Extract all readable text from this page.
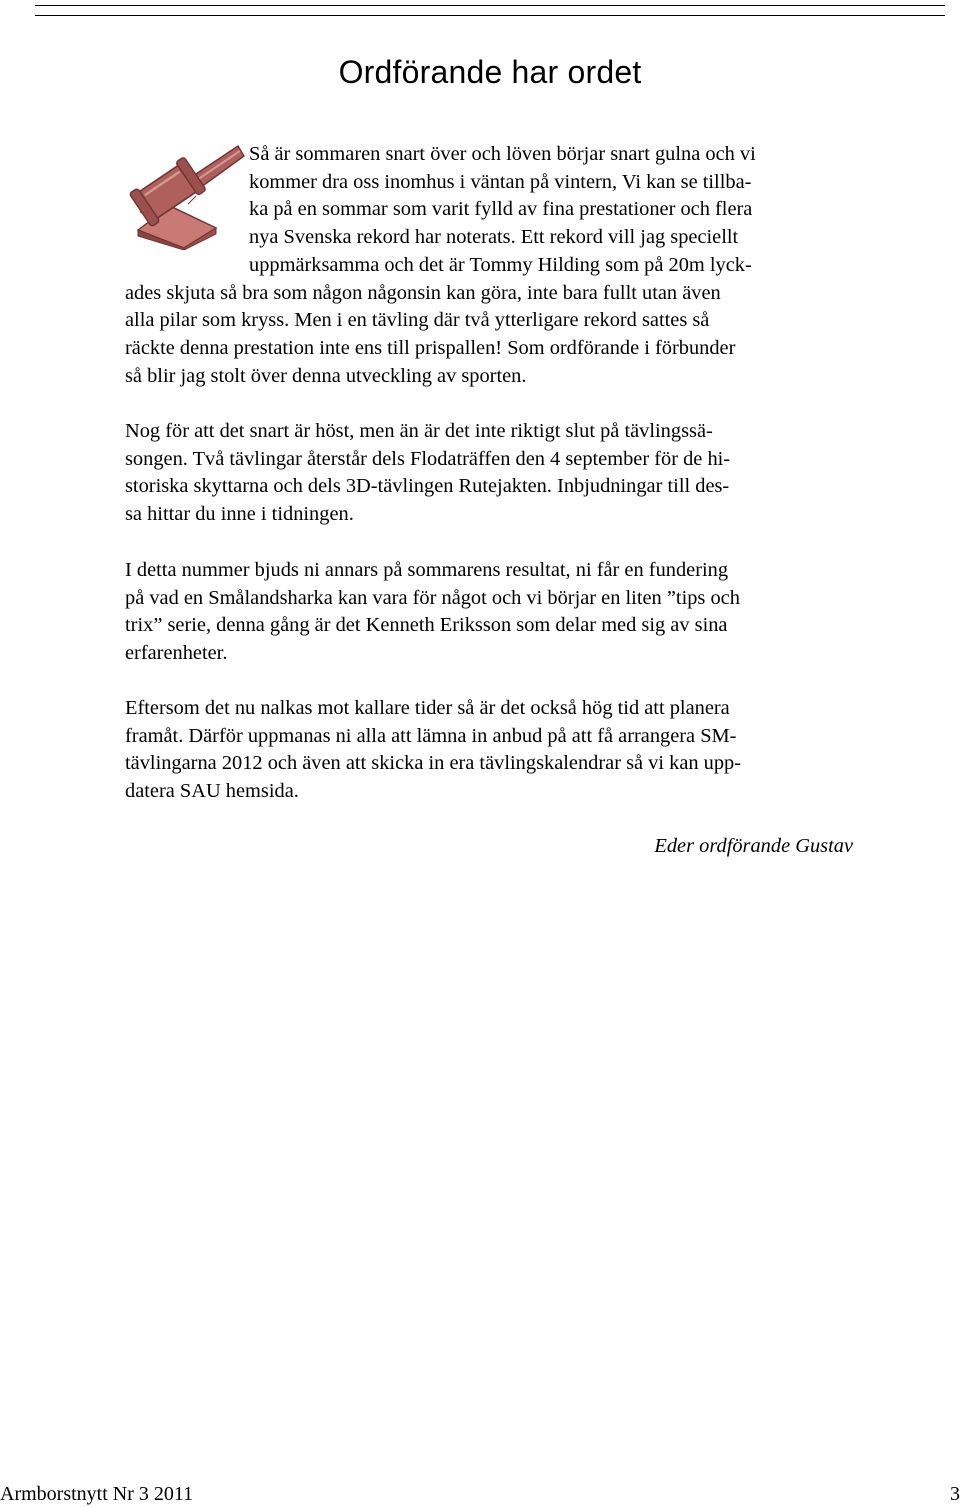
Ordförande har ordet

Så är sommaren snart över och löven börjar snart gulna och vi
kommer dra oss inomhus i väntan på vintern, Vi kan se tillba-
ka på en sommar som varit fylld av fina prestationer och flera
nya Svenska rekord har noterats. Ett rekord vill jag speciellt
uppmärksamma och det är Tommy Hilding som på 20m lyck-
ades skjuta så bra som någon någonsin kan göra, inte bara fullt utan även
alla pilar som kryss. Men i en tävling där två ytterligare rekord sattes så
räckte denna prestation inte ens till prispallen! Som ordförande i förbunder
så blir jag stolt över denna utveckling av sporten.

Nog för att det snart är höst, men än är det inte riktigt slut på tävlingssä-
songen. Två tävlingar återstår dels Flodaträffen den 4 september för de hi-
storiska skyttarna och dels 3D-tävlingen Rutejakten. Inbjudningar till des-
sa hittar du inne i tidningen.

I detta nummer bjuds ni annars på sommarens resultat, ni får en fundering
på vad en Smålandsharka kan vara för något och vi börjar en liten ”tips och
trix” serie, denna gång är det Kenneth Eriksson som delar med sig av sina
erfarenheter.

Eftersom det nu nalkas mot kallare tider så är det också hög tid att planera
framåt. Därför uppmanas ni alla att lämna in anbud på att få arrangera SM-
tävlingarna 2012 och även att skicka in era tävlingskalendrar så vi kan upp-
datera SAU hemsida.

Eder ordförande Gustav

Armborstnytt Nr 3 2011	3
